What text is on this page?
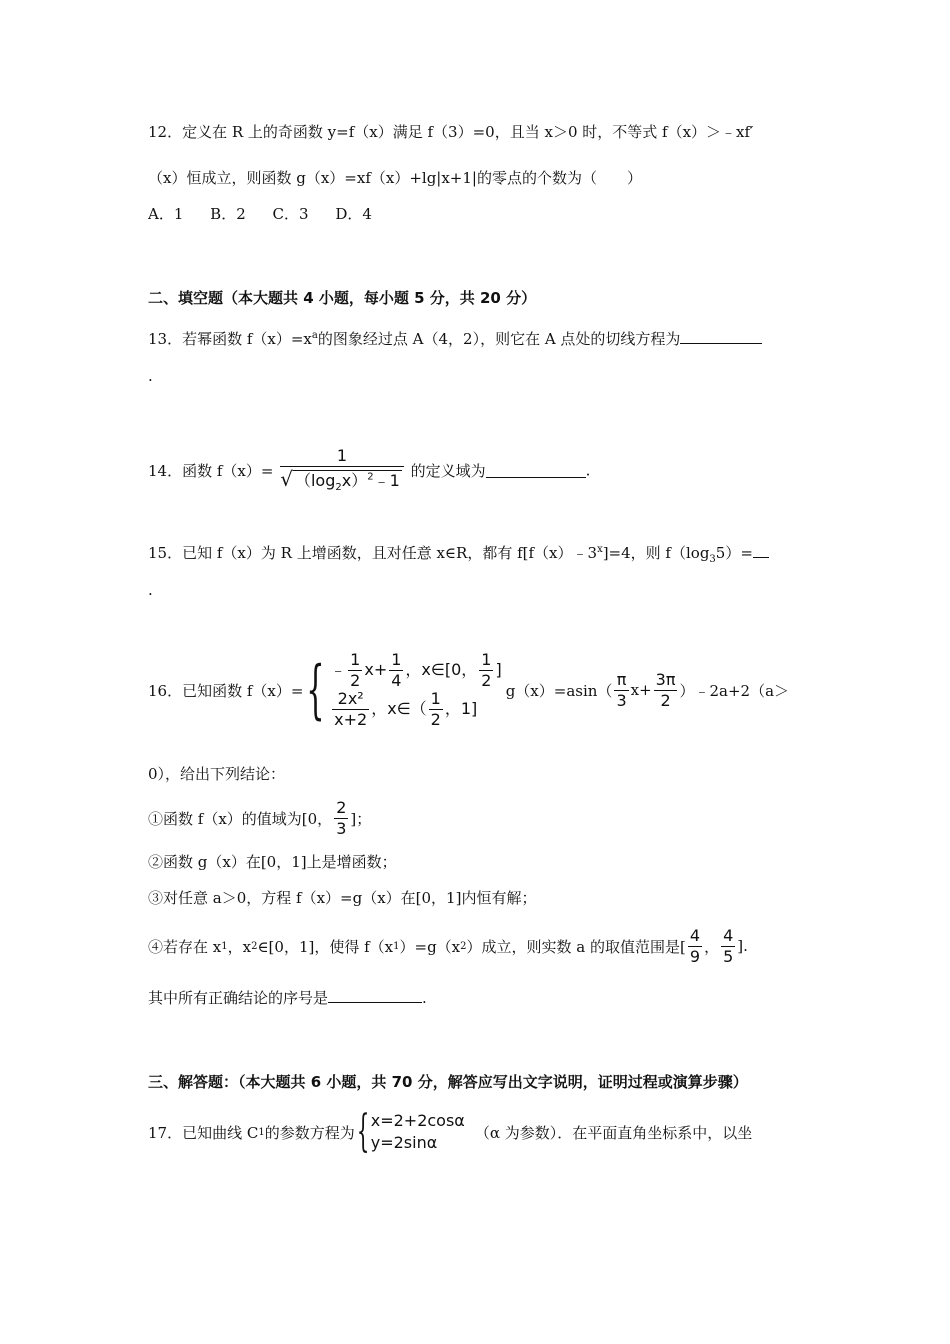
12．定义在 R 上的奇函数 y=f（x）满足 f（3）=0，且当 x＞0 时，不等式 f（x）＞﹣xf′
（x）恒成立，则函数 g（x）=xf（x）+lg|x+1|的零点的个数为（　　）
A．1 B．2 C．3 D．4
二、填空题（本大题共 4 小题，每小题 5 分，共 20 分）
13．若幂函数 $f(x)=x^a$的图象经过点 A（4，2），则它在 A 点处的切线方程为
.
14．函数 $f(x)= \frac{1}{√ (\log_2x)^2﹣1}$ 的定义域为	.
15．已知 f（x）为 R 上增函数，且对任意 x∈R，都有 $f[f(x)﹣3^x]=4$，则 $f(\log_35)=$
.
16．已知函数 f（x）= { ﹣ $\frac{1}{2} x+ \frac{1}{4}$ ，x∈[0， $\frac{1}{2}$ ]
$\frac{\text{2x²}}{x+2}$ ，x∈（ $\frac{1}{2}$ ，1]
$g(x)=asin( \frac{\pi}{3} x+ \frac{3\pi}{2}$ ）﹣2a+2（a＞
0），给出下列结论：
①函数 f（x）的值域为[0， $\frac{2}{3}$ ]；
②函数 g（x）在[0，1]上是增函数；
③对任意 a＞0，方程 f（x）=g（x）在[0，1]内恒有解；
④若存在 x 1 ，x 2 ∈[0，1]，使得 f（x 1 ）=g（x 2 ）成立，则实数 a 的取值范围是[ $\frac{4}{9}$ ， $\frac{4}{5}$ ].
其中所有正确结论的序号是	.
三、解答题：（本大题共 6 小题，共 70 分，解答应写出文字说明，证明过程或演算步骤）
17．已知曲线 C 1 的参数方程为 { x=2+2cosα
y=2sinα
（α 为参数）．在平面直角坐标系中，以坐
